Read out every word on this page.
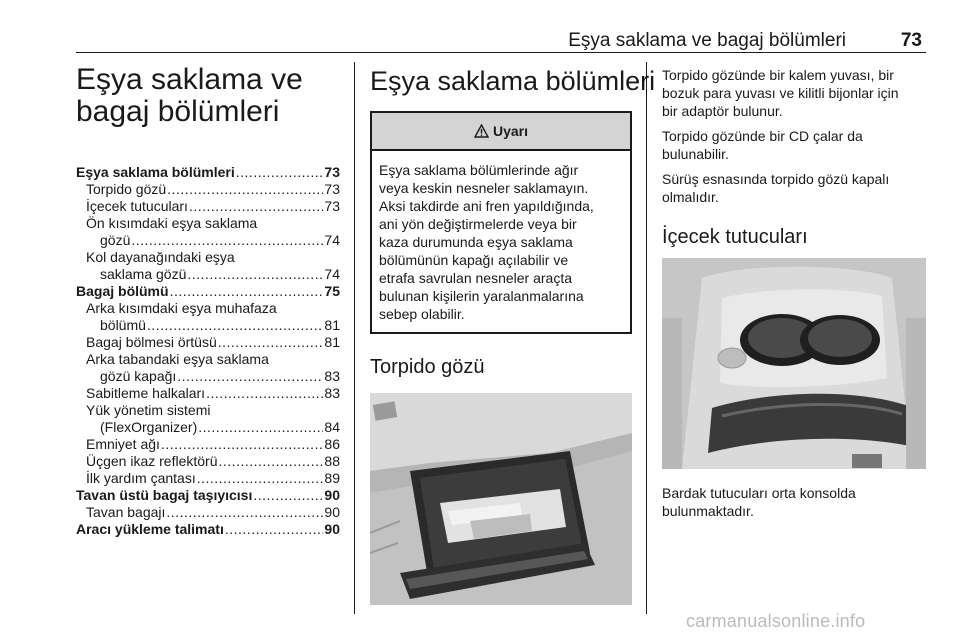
Eşya saklama ve bagaj bölümleri	73
Eşya saklama ve
bagaj bölümleri
Eşya saklama bölümleri .....	73
Torpido gözü .....	73
İçecek tutucuları .....	73
Ön kısımdaki eşya saklama
gözü .....	74
Kol dayanağındaki eşya
saklama gözü .....	74
Bagaj bölümü .....	75
Arka kısımdaki eşya muhafaza
bölümü .....	81
Bagaj bölmesi örtüsü .....	81
Arka tabandaki eşya saklama
gözü kapağı .....	83
Sabitleme halkaları .....	83
Yük yönetim sistemi
(FlexOrganizer) .....	84
Emniyet ağı .....	86
Üçgen ikaz reflektörü .....	88
İlk yardım çantası .....	89
Tavan üstü bagaj taşıyıcısı .....	90
Tavan bagajı .....	90
Aracı yükleme talimatı .....	90
Eşya saklama bölümleri
Uyarı
Eşya saklama bölümlerinde ağır
veya keskin nesneler saklamayın.
Aksi takdirde ani fren yapıldığında,
ani yön değiştirmelerde veya bir
kaza durumunda eşya saklama
bölümünün kapağı açılabilir ve
etrafa savrulan nesneler araçta
bulunan kişilerin yaralanmalarına
sebep olabilir.
Torpido gözü

Torpido gözünde bir kalem yuvası, bir
bozuk para yuvası ve kilitli bijonlar için
bir adaptör bulunur.

Torpido gözünde bir CD çalar da
bulunabilir.

Sürüş esnasında torpido gözü kapalı
olmalıdır.

İçecek tutucuları

Bardak tutucuları orta konsolda
bulunmaktadır.

carmanualsonline.info
